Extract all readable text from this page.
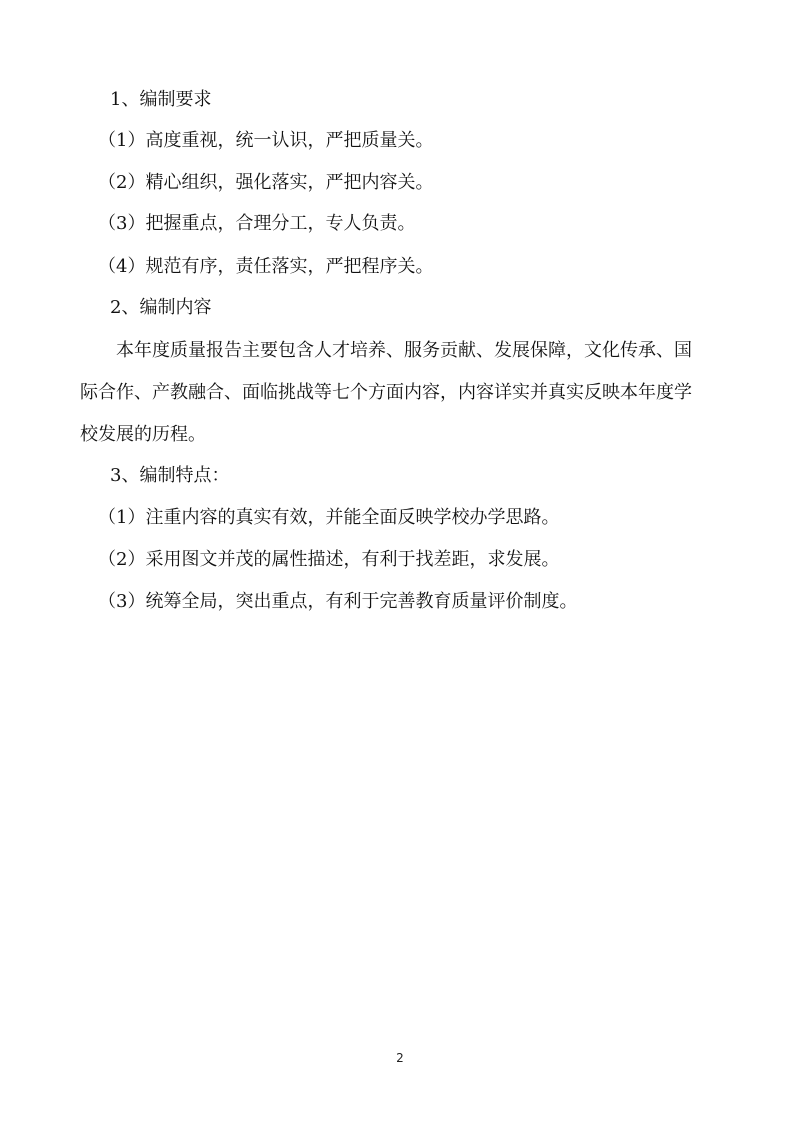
1、编制要求
（1）高度重视，统一认识，严把质量关。
（2）精心组织，强化落实，严把内容关。
（3）把握重点，合理分工，专人负责。
（4）规范有序，责任落实，严把程序关。
2、编制内容
本年度质量报告主要包含人才培养、服务贡献、发展保障，文化传承、国
际合作、产教融合、面临挑战等七个方面内容，内容详实并真实反映本年度学
校发展的历程。
3、编制特点：
（1）注重内容的真实有效，并能全面反映学校办学思路。
（2）采用图文并茂的属性描述，有利于找差距，求发展。
（3）统筹全局，突出重点，有利于完善教育质量评价制度。
2
